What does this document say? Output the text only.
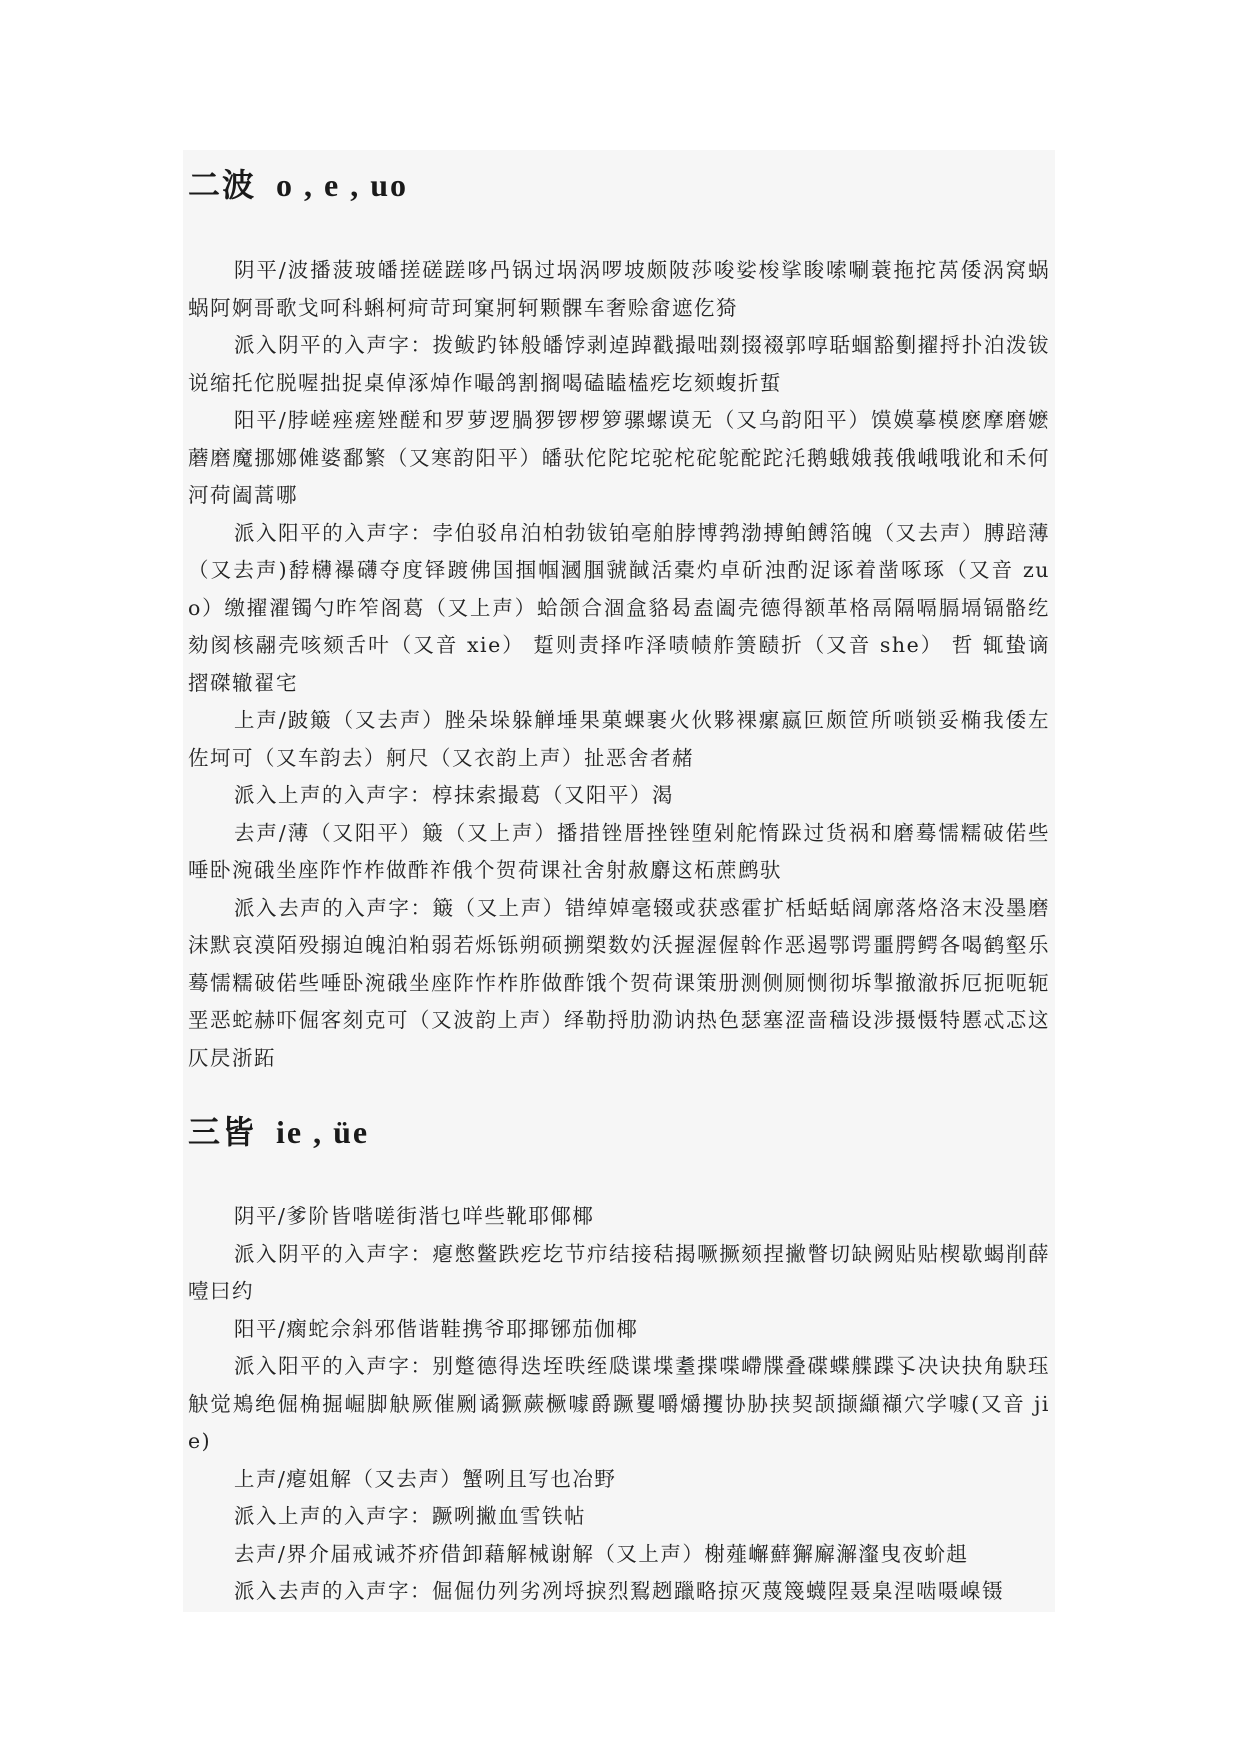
二波 o , e , uo

阴平/波播菠玻皤搓磋蹉哆冎锅过埚涡啰坡颇陂莎唆娑梭挲睃嗦唰蓑拖拕莴倭涡窝蜗蜗阿婀哥歌戈呵科蝌柯疴苛珂窠牁轲颗髁车奢赊畲遮仡猗

派入阴平的入声字：拨鲅趵钵般皤饽剥逴踔戳撮咄剟掇裰郭啍聒蝈豁劐擢捋扑泊泼钹说缩托佗脱喔拙捉桌倬涿焯作嘬鸽割搁喝磕瞌榼疙圪颏蝮折蜇

阳平/脖嵯痤瘥矬醝和罗萝逻腡猡锣椤箩骡螺谟无（又乌韵阳平）馍嫫摹模麽摩磨嬷蘑磨魔挪娜傩婆鄱繁（又寒韵阳平）皤驮佗陀坨驼柁砣鸵酡跎汑鹅蛾娥莪俄峨哦讹和禾何河荷阖蒿哪

派入阳平的入声字：孛伯驳帛泊柏勃钹铂亳舶脖博鹁渤搏鲌餺箔魄（又去声）膊踣薄（又去声)馞欂襮礴夺度铎踱佛国掴帼漍腘虢馘活橐灼卓斫浊酌浞诼着凿啄琢（又音 zuo）缴擢濯镯勺昨笮阁葛（又上声）蛤颌合涸盒貉曷盍阖壳德得额革格鬲隔嗝膈塥镉骼纥劾阂核翮壳咳颏舌叶（又音 xie） 踅则责择咋泽啧帻舴箦赜折（又音 she） 哲 辄蛰谪摺磔辙翟宅

上声/跛簸（又去声）脞朵垛躲觯埵果菓蜾裹火伙夥裸瘰嬴叵颇笸所唢锁妥椭我倭左佐坷可（又车韵去）舸尺（又衣韵上声）扯恶舍者赭

派入上声的入声字：椁抹索撮葛（又阳平）渴

去声/薄（又阳平）簸（又上声）播措锉厝挫锉堕剁舵惰跺过货祸和磨蓦懦糯破偌些唾卧涴硪坐座阼怍柞做酢祚俄个贺荷课社舍射赦麝这柘蔗鹧驮

派入去声的入声字：簸（又上声）错绰婥毫辍或获惑霍扩栝蛞蛞阔廓落烙洛末没墨磨沫默哀漠陌殁搦迫魄泊粕弱若烁铄朔硕搠槊数妁沃握渥偓斡作恶遏鄂谔噩腭鳄各喝鹤壑乐蓦懦糯破偌些唾卧涴硪坐座阼怍柞胙做酢饿个贺荷课策册测侧厕恻彻坼掣撤澈拆厄扼呃轭垩恶蛇赫吓倔客刻克可（又波韵上声）绎勒捋肋泐讷热色瑟塞涩啬穑设涉摄慑特慝忒忑这仄昃浙跖

三皆 ie , üe

阴平/爹阶皆喈嗟街湝乜咩些靴耶倻椰

派入阴平的入声字：瘪憋鳖跌疙圪节疖结接秸揭噘撅颏捏撇瞥切缺阙贴贴楔歇蝎削薛噎曰约

阳平/瘸蛇佘斜邪偕谐鞋携爷耶揶铘茄伽椰

派入阳平的入声字：别蹩德得迭垤昳绖瓞谍堞耋揲喋嵽牒叠碟蝶艓蹀孓决诀抉角駃珏觖觉鴂绝倔桷掘崛脚觖厥催劂谲獗蕨橛噱爵蹶矍嚼爝攫协胁挟契颉撷纈襭穴学噱(又音 jie)

上声/瘪姐解（又去声）蟹咧且写也冶野

派入上声的入声字：蹶咧撇血雪铁帖

去声/界介届戒诫芥疥借卸藉解械谢解（又上声）榭薤嶰蘚獬廨澥瀣曳夜蚧趄

派入去声的入声字：倔倔仂列劣冽埒捩烈鴷趔躐略掠灭蔑篾蠛陧聂臬涅啮嗫嵲镊
